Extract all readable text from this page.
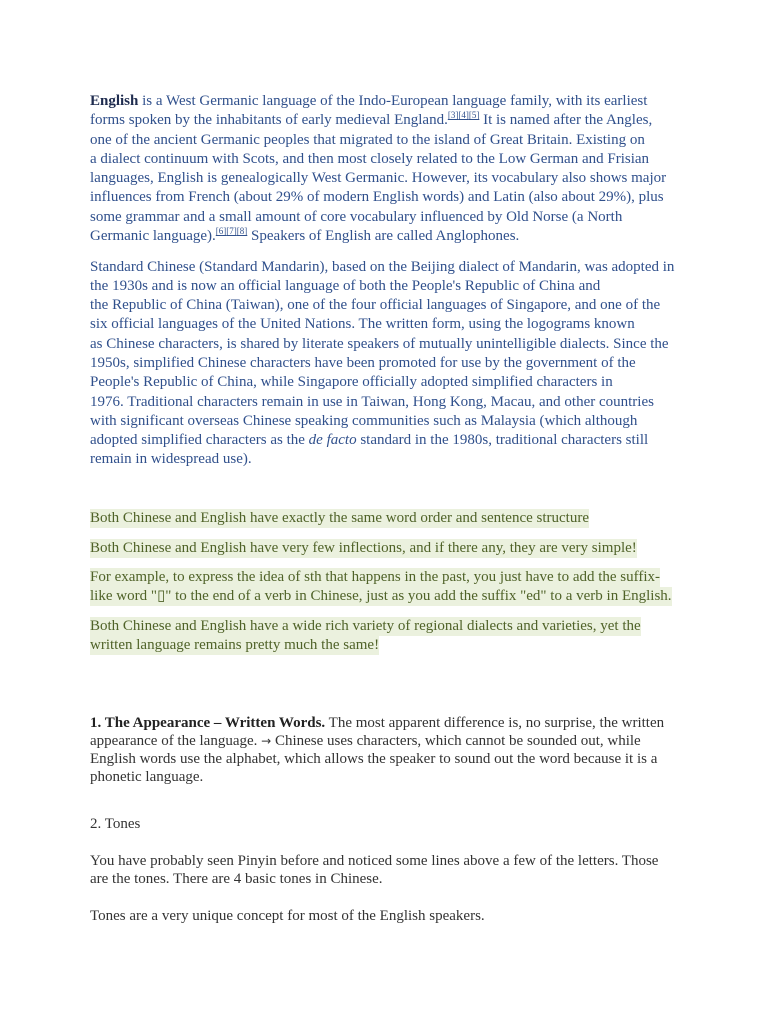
English is a West Germanic language of the Indo-European language family, with its earliest
forms spoken by the inhabitants of early medieval England.[3][4][5] It is named after the Angles,
one of the ancient Germanic peoples that migrated to the island of Great Britain. Existing on
a dialect continuum with Scots, and then most closely related to the Low German and Frisian
languages, English is genealogically West Germanic. However, its vocabulary also shows major
influences from French (about 29% of modern English words) and Latin (also about 29%), plus
some grammar and a small amount of core vocabulary influenced by Old Norse (a North
Germanic language).[6][7][8] Speakers of English are called Anglophones.
Standard Chinese (Standard Mandarin), based on the Beijing dialect of Mandarin, was adopted in
the 1930s and is now an official language of both the People's Republic of China and
the Republic of China (Taiwan), one of the four official languages of Singapore, and one of the
six official languages of the United Nations. The written form, using the logograms known
as Chinese characters, is shared by literate speakers of mutually unintelligible dialects. Since the
1950s, simplified Chinese characters have been promoted for use by the government of the
People's Republic of China, while Singapore officially adopted simplified characters in
1976. Traditional characters remain in use in Taiwan, Hong Kong, Macau, and other countries
with significant overseas Chinese speaking communities such as Malaysia (which although
adopted simplified characters as the de facto standard in the 1980s, traditional characters still
remain in widespread use).
Both Chinese and English have exactly the same word order and sentence structure
Both Chinese and English have very few inflections, and if there any, they are very simple!
For example, to express the idea of sth that happens in the past, you just have to add the suffix-
like word "▯" to the end of a verb in Chinese, just as you add the suffix "ed" to a verb in English.
Both Chinese and English have a wide rich variety of regional dialects and varieties, yet the
written language remains pretty much the same!
1. The Appearance – Written Words. The most apparent difference is, no surprise, the written
appearance of the language. → Chinese uses characters, which cannot be sounded out, while
English words use the alphabet, which allows the speaker to sound out the word because it is a
phonetic language.
2. Tones
You have probably seen Pinyin before and noticed some lines above a few of the letters. Those
are the tones. There are 4 basic tones in Chinese.
Tones are a very unique concept for most of the English speakers.
